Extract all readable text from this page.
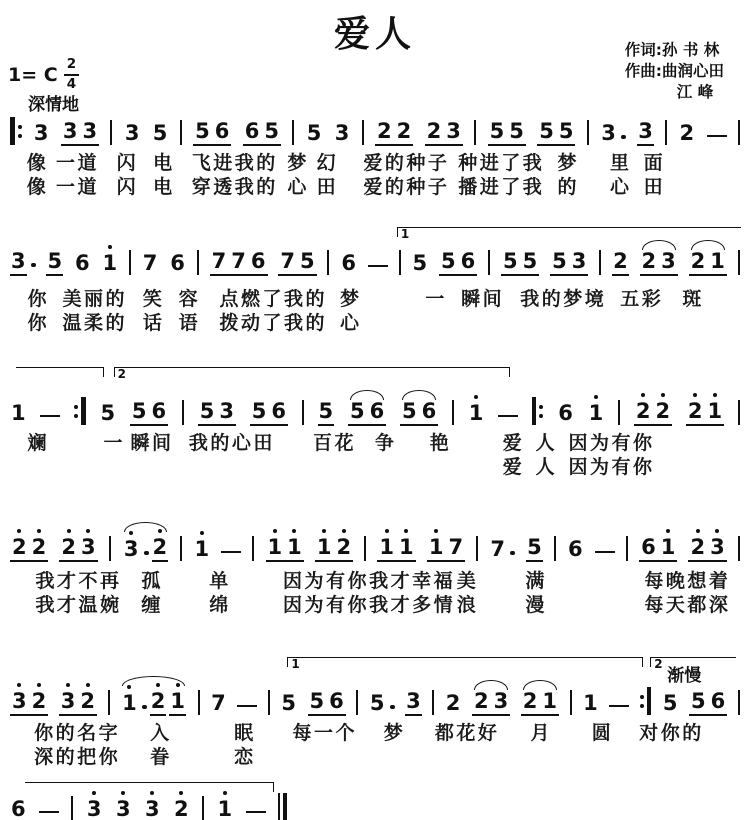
爱人	作词:孙 书 林
作曲:曲润心田
江 峰
1= C $\frac{2}{4}$
深情地
3 3 3 3 5 5 6 6 5 5 3 2 2 2 3 5 5 5 5 3 3 2
像 一道 闪 电 飞进我的 梦 幻 爱的种子 种进了我 梦 里 面
像 一道 闪 电 穿透我的 心 田 爱的种子 播进了我 的 心 田
1
3 5 6 1 7 6 7 7 6 7 5 6	5 5 6 5 5 5 3 2 2 3 2 1
你 美丽的 笑 容 点燃了我的 梦	一 瞬间 我的梦境 五彩 斑
你 温柔的 话 语 拨动了我的 心
2
1	5 5 6 5 3 5 6 5 5 6 5 6 1	6 1 2 2 2 1
斓	一 瞬间 我的心田 百花 争 艳	爱 人 因为有你
爱 人 因为有你
2 2 2 3 3 2 1	1 1 1 2 1 1 1 7 7 5 6	6 1 2 3
我才不再 孤 单	因为有你 我才幸福 美 满	每晚想着
我才温婉 缠 绵	因为有你 我才多情 浪 漫	每天都深
1	2
渐慢
3 2 3 2 1 2 1 7	5 5 6 5 3 2 2 3 2 1 1	5 5 6
你的名字 入	眠 每一个 梦 都花好 月 圆 对你的
深的把你 眷	恋
6	3 3 3 2 1
